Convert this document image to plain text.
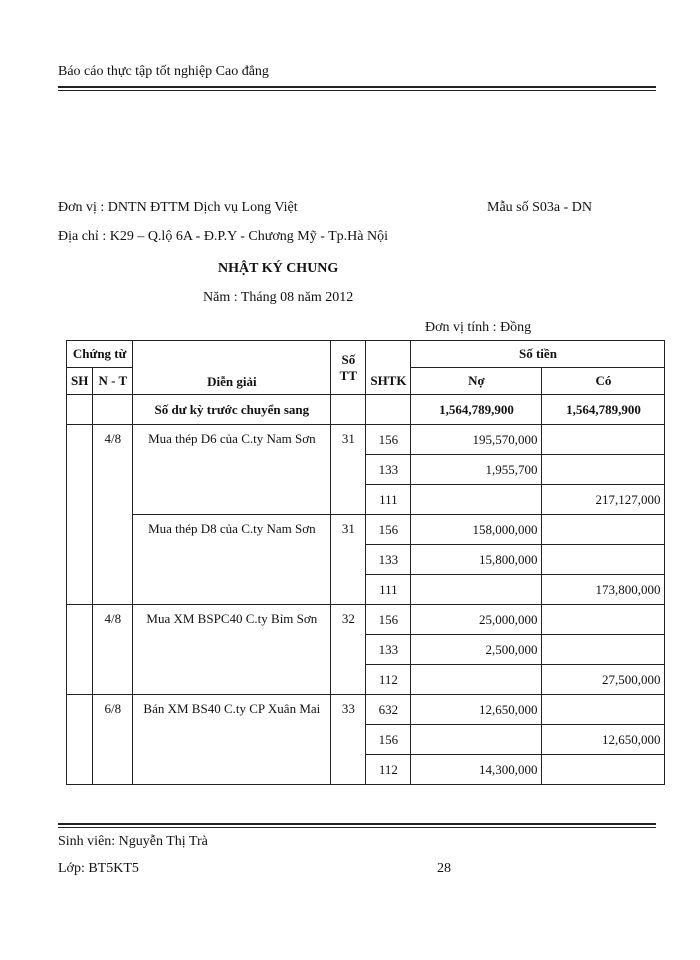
Báo cáo thực tập tốt nghiệp Cao đẳng
Đơn vị : DNTN ĐTTM Dịch vụ Long Việt	Mẫu số S03a - DN
Địa chỉ : K29 – Q.lộ 6A - Đ.P.Y - Chương Mỹ - Tp.Hà Nội
NHẬT KÝ CHUNG
Năm : Tháng 08 năm 2012
Đơn vị tính : Đồng
Chứng từ		Diễn giải	Số		Số tiền	
SH	N - T		TT	SHTK	Nợ	Có
		Số dư kỳ trước chuyển sang			1,564,789,900	1,564,789,900
	4/8	Mua thép D6 của C.ty Nam Sơn	31	156	195,570,000	
				133	1,955,700	
				111		217,127,000
		Mua thép D8 của C.ty Nam Sơn	31	156	158,000,000	
				133	15,800,000	
				111		173,800,000
	4/8	Mua XM BSPC40 C.ty Bỉm Sơn	32	156	25,000,000	
				133	2,500,000	
				112		27,500,000
	6/8	Bán XM BS40 C.ty CP Xuân Mai	33	632	12,650,000	
				156		12,650,000
				112	14,300,000	
Sinh viên: Nguyễn Thị Trà
Lớp: BT5KT5	28
